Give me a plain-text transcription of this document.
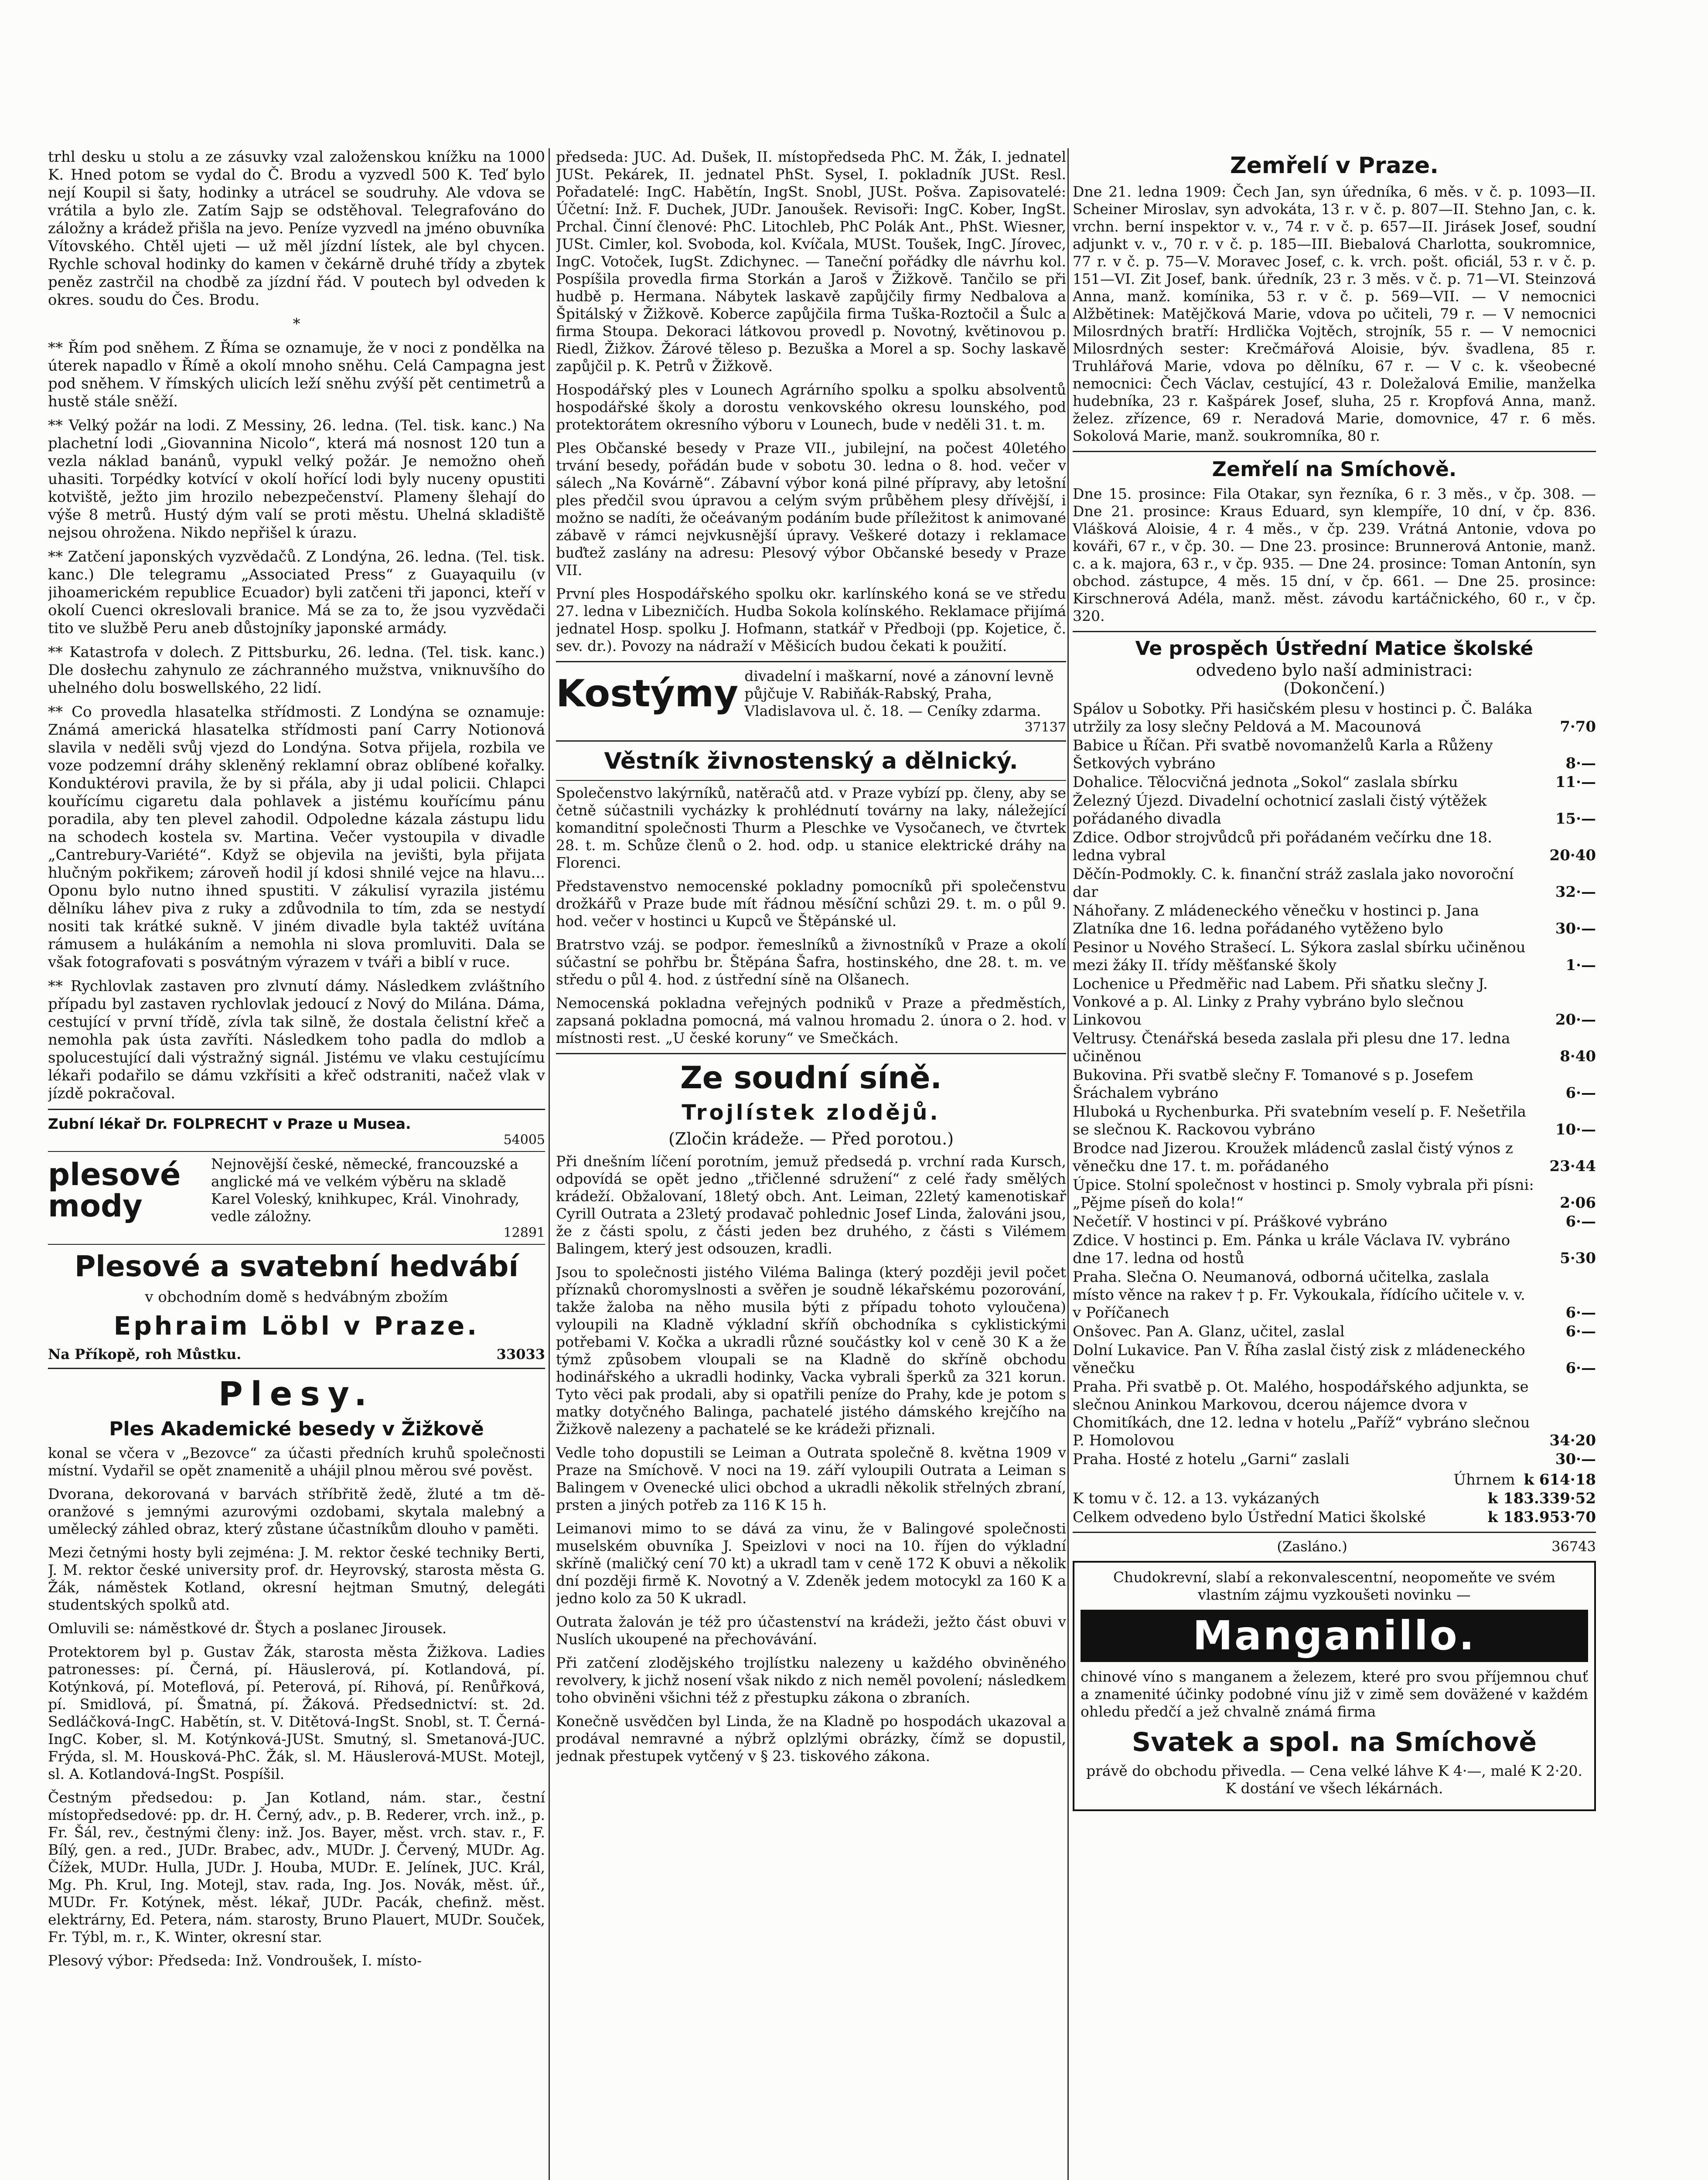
trhl desku u stolu a ze zásuvky vzal založenskou knížku na 1000 K. Hned potom se vydal do Č. Brodu a vyzvedl 500 K. Teď bylo nejí Koupil si šaty, hodinky a utrácel se soudruhy. Ale vdova se vrátila a bylo zle. Zatím Sajp se odstěhoval. Telegrafováno do záložny a krádež přišla na jevo. Peníze vyzvedl na jméno obuvníka Vítovského. Chtěl ujeti — už měl jízdní lístek, ale byl chycen. Rychle schoval hodinky do kamen v čekárně druhé třídy a zbytek peněz zastrčil na chodbě za jízdní řád. V poutech byl odveden k okres. soudu do Čes. Brodu.

*

** Řím pod sněhem. Z Říma se oznamuje, že v noci z pondělka na úterek napadlo v Římě a okolí mnoho sněhu. Celá Campagna jest pod sněhem. V římských ulicích leží sněhu zvýší pět centimetrů a hustě stále sněží.

** Velký požár na lodi. Z Messiny, 26. ledna. (Tel. tisk. kanc.) Na plachetní lodi „Giovannina Nicolo“, která má nosnost 120 tun a vezla náklad banánů, vypukl velký požár. Je nemožno oheň uhasiti. Torpédky kotvící v okolí hořící lodi byly nuceny opustiti kotviště, ježto jim hrozilo nebezpečenství. Plameny šlehají do výše 8 metrů. Hustý dým valí se proti městu. Uhelná skladiště nejsou ohrožena. Nikdo nepřišel k úrazu.

** Zatčení japonských vyzvědačů. Z Londýna, 26. ledna. (Tel. tisk. kanc.) Dle telegramu „Associated Press“ z Guayaquilu (v jihoamerickém republice Ecuador) byli zatčeni tři japonci, kteří v okolí Cuenci okreslovali branice. Má se za to, že jsou vyzvědači tito ve službě Peru aneb důstojníky japonské armády.

** Katastrofa v dolech. Z Pittsburku, 26. ledna. (Tel. tisk. kanc.) Dle dosłechu zahynulo ze záchranného mužstva, vniknuvšího do uhelného dolu boswellského, 22 lidí.

** Co provedla hlasatelka střídmosti. Z Londýna se oznamuje: Známá americká hlasatelka střídmosti paní Carry Notionová slavila v neděli svůj vjezd do Londýna. Sotva přijela, rozbila ve voze podzemní dráhy skleněný reklamní obraz oblíbené kořalky. Konduktérovi pravila, že by si přála, aby ji udal policii. Chlapci kouřícímu cigaretu dala pohlavek a jistému kouřícímu pánu poradila, aby ten plevel zahodil. Odpoledne kázala zástupu lidu na schodech kostela sv. Martina. Večer vystoupila v divadle „Cantrebury-Variété“. Když se objevila na jevišti, byla přijata hlučným pokřikem; zároveň hodil jí kdosi shnilé vejce na hlavu... Oponu bylo nutno ihned spustiti. V zákulisí vyrazila jistému dělníku láhev piva z ruky a zdůvodnila to tím, zda se nestydí nositi tak krátké sukně. V jiném divadle byla taktéž uvítána rámusem a hulákáním a nemohla ni slova promluviti. Dala se však fotografovati s posvátným výrazem v tváři a biblí v ruce.

** Rychlovlak zastaven pro zlvnutí dámy. Následkem zvláštního případu byl zastaven rychlovlak jedoucí z Nový do Milána. Dáma, cestující v první třídě, zívla tak silně, že dostala čelistní křeč a nemohla pak ústa zavříti. Následkem toho padla do mdlob a spolucestující dali výstražný signál. Jistému ve vlaku cestujícímu lékaři podařilo se dámu vzkřísiti a křeč odstraniti, načež vlak v jízdě pokračoval.

Zubní lékař Dr. FOLPRECHT v Praze u Musea.
54005
plesové mody
Nejnovější české, německé, francouzské a anglické má ve velkém výběru na skladě Karel Voleský, knihkupec, Král. Vinohrady, vedle záložny.
12891
Plesové a svatební hedvábí
v obchodním domě s hedvábným zbožím
Ephraim Löbl v Praze.
Na Příkopě, roh Můstku.	33033
Plesy.
Ples Akademické besedy v Žižkově

konal se včera v „Bezovce“ za účasti předních kruhů společnosti místní. Vydařil se opět znamenitě a uhájil plnou měrou své pověst.

Dvorana, dekorovaná v barvách stříbřitě žedě, žluté a tm dě-oranžové s jemnými azurovými ozdobami, skytala malebný a umělecký záhled obraz, který zůstane účastníkům dlouho v paměti.

Mezi četnými hosty byli zejména: J. M. rektor české techniky Berti, J. M. rektor české university prof. dr. Heyrovský, starosta města G. Žák, náměstek Kotland, okresní hejtman Smutný, delegáti studentských spolků atd.

Omluvili se: náměstkové dr. Štych a poslanec Jirousek.

Protektorem byl p. Gustav Žák, starosta města Žižkova. Ladies patronesses: pí. Černá, pí. Häuslerová, pí. Kotlandová, pí. Kotýnková, pí. Moteflová, pí. Peterová, pí. Rihová, pí. Renůřková, pí. Smidlová, pí. Šmatná, pí. Žáková. Předsednictví: st. 2d. Sedláčková-IngC. Habětín, st. V. Ditětová-IngSt. Snobl, st. T. Černá-IngC. Kober, sl. M. Kotýnková-JUSt. Smutný, sl. Smetanová-JUC. Frýda, sl. M. Housková-PhC. Žák, sl. M. Häuslerová-MUSt. Motejl, sl. A. Kotlandová-IngSt. Pospíšil.

Čestným předsedou: p. Jan Kotland, nám. star., čestní místopředsedové: pp. dr. H. Černý, adv., p. B. Rederer, vrch. inž., p. Fr. Šál, rev., čestnými členy: inž. Jos. Bayer, měst. vrch. stav. r., F. Bílý, gen. a red., JUDr. Brabec, adv., MUDr. J. Červený, MUDr. Ag. Čížek, MUDr. Hulla, JUDr. J. Houba, MUDr. E. Jelínek, JUC. Král, Mg. Ph. Krul, Ing. Motejl, stav. rada, Ing. Jos. Novák, měst. úř., MUDr. Fr. Kotýnek, měst. lékař, JUDr. Pacák, chefinž. měst. elektrárny, Ed. Petera, nám. starosty, Bruno Plauert, MUDr. Souček, Fr. Týbl, m. r., K. Winter, okresní star.

Plesový výbor: Předseda: Inž. Vondroušek, I. místo-

předseda: JUC. Ad. Dušek, II. místopředseda PhC. M. Žák, I. jednatel JUSt. Pekárek, II. jednatel PhSt. Sysel, I. pokladník JUSt. Resl. Pořadatelé: IngC. Habětín, IngSt. Snobl, JUSt. Pošva. Zapisovatelé: Účetní: Inž. F. Duchek, JUDr. Janoušek. Revisoři: IngC. Kober, IngSt. Prchal. Činní členové: PhC. Litochleb, PhC Polák Ant., PhSt. Wiesner, JUSt. Cimler, kol. Svoboda, kol. Kvíčala, MUSt. Toušek, IngC. Jírovec, IngC. Votoček, IugSt. Zdichynec. — Taneční pořádky dle návrhu kol. Pospíšila provedla firma Storkán a Jaroš v Žižkově. Tančilo se při hudbě p. Hermana. Nábytek laskavě zapůjčily firmy Nedbalova a Špitálský v Žižkově. Koberce zapůjčila firma Tuška-Roztočil a Šulc a firma Stoupa. Dekoraci látkovou provedl p. Novotný, květinovou p. Riedl, Žižkov. Žárové těleso p. Bezuška a Morel a sp. Sochy laskavě zapůjčil p. K. Petrů v Žižkově.

Hospodářský ples v Lounech Agrárního spolku a spolku absolventů hospodářské školy a dorostu venkovského okresu lounského, pod protektorátem okresního výboru v Lounech, bude v neděli 31. t. m.

Ples Občanské besedy v Praze VII., jubilejní, na počest 40letého trvání besedy, pořádán bude v sobotu 30. ledna o 8. hod. večer v sálech „Na Kovárně“. Zábavní výbor koná pilné přípravy, aby letošní ples předčil svou úpravou a celým svým průběhem plesy dřívější, i možno se nadíti, že očeávaným podáním bude příležitost k animované zábavě v rámci nejvkusnější úpravy. Veškeré dotazy i reklamace buďtež zaslány na adresu: Plesový výbor Občanské besedy v Praze VII.

První ples Hospodářského spolku okr. karlínského koná se ve středu 27. ledna v Libezničích. Hudba Sokola kolínského. Reklamace přijímá jednatel Hosp. spolku J. Hofmann, statkář v Předboji (pp. Kojetice, č. sev. dr.). Povozy na nádraží v Měšicích budou čekati k použití.

Kostýmy divadelní i maškarní, nové a zánovní levně půjčuje V. Rabiňák-Rabský, Praha, Vladislavova ul. č. 18. — Ceníky zdarma.
37137
Věstník živnostenský a dělnický.

Společenstvo lakýrníků, natěračů atd. v Praze vybízí pp. členy, aby se četně súčastnili vycházky k prohlédnutí továrny na laky, náležející komanditní společnosti Thurm a Pleschke ve Vysočanech, ve čtvrtek 28. t. m. Schůze členů o 2. hod. odp. u stanice elektrické dráhy na Florenci.

Představenstvo nemocenské pokladny pomocníků při společenstvu drožkářů v Praze bude mít řádnou měsíční schůzi 29. t. m. o půl 9. hod. večer v hostinci u Kupců ve Štěpánské ul.

Bratrstvo vzáj. se podpor. řemeslníků a živnostníků v Praze a okolí súčastní se pohřbu br. Štěpána Šafra, hostinského, dne 28. t. m. ve středu o půl 4. hod. z ústřední síně na Olšanech.

Nemocenská pokladna veřejných podniků v Praze a předměstích, zapsaná pokladna pomocná, má valnou hromadu 2. února o 2. hod. v místnosti rest. „U české koruny“ ve Smečkách.

Ze soudní síně.
Trojlístek zlodějů.
(Zločin krádeže. — Před porotou.)

Při dnešním líčení porotním, jemuž předsedá p. vrchní rada Kursch, odpovídá se opět jedno „třičlenné sdružení“ z celé řady smělých krádeží. Obžalovaní, 18letý obch. Ant. Leiman, 22letý kamenotiskař Cyrill Outrata a 23letý prodavač pohlednic Josef Linda, žalováni jsou, že z části spolu, z části jeden bez druhého, z části s Vilémem Balingem, který jest odsouzen, kradli.

Jsou to společnosti jistého Viléma Balinga (který později jevil počet příznaků choromyslnosti a svěřen je soudně lékařskému pozorování, takže žaloba na něho musila býti z případu tohoto vyloučena) vyloupili na Kladně výkladní skříň obchodníka s cyklistickými potřebami V. Kočka a ukradli různé součástky kol v ceně 30 K a že týmž způsobem vloupali se na Kladně do skříně obchodu hodinářského a ukradli hodinky, Vacka vybrali šperků za 321 korun. Tyto věci pak prodali, aby si opatřili peníze do Prahy, kde je potom s matky dotyčného Balinga, pachatelé jistého dámského krejčího na Žižkově nalezeny a pachatelé se ke krádeži přiznali.

Vedle toho dopustili se Leiman a Outrata společně 8. května 1909 v Praze na Smíchově. V noci na 19. září vyloupili Outrata a Leiman s Balingem v Ovenecké ulici obchod a ukradli několik střelných zbraní, prsten a jiných potřeb za 116 K 15 h.

Leimanovi mimo to se dává za vinu, že v Balingové společnosti muselském obuvníka J. Speizlovi v noci na 10. říjen do výkladní skříně (maličký cení 70 kt) a ukradl tam v ceně 172 K obuvi a několik dní později firmě K. Novotný a V. Zdeněk jedem motocykl za 160 K a jedno kolo za 50 K ukradl.

Outrata žalován je též pro účastenství na krádeži, ježto část obuvi v Nuslích ukoupené na přechovávání.

Při zatčení zlodějského trojlístku nalezeny u každého obviněného revolvery, k jichž nosení však nikdo z nich neměl povolení; následkem toho obviněni všichni též z přestupku zákona o zbraních.

Konečně usvědčen byl Linda, že na Kladně po hospodách ukazoval a prodával nemravné a nýbrž oplzlými obrázky, čímž se dopustil, jednak přestupek vytčený v § 23. tiskového zákona.

Zemřelí v Praze.

Dne 21. ledna 1909: Čech Jan, syn úředníka, 6 měs. v č. p. 1093—II. Scheiner Miroslav, syn advokáta, 13 r. v č. p. 807—II. Stehno Jan, c. k. vrchn. berní inspektor v. v., 74 r. v č. p. 657—II. Jirásek Josef, soudní adjunkt v. v., 70 r. v č. p. 185—III. Biebalová Charlotta, soukromnice, 77 r. v č. p. 75—V. Moravec Josef, c. k. vrch. pošt. oficiál, 53 r. v č. p. 151—VI. Zit Josef, bank. úředník, 23 r. 3 měs. v č. p. 71—VI. Steinzová Anna, manž. komínika, 53 r. v č. p. 569—VII. — V nemocnici Alžbětinek: Matějčková Marie, vdova po učiteli, 79 r. — V nemocnici Milosrdných bratří: Hrdlička Vojtěch, strojník, 55 r. — V nemocnici Milosrdných sester: Krečmářová Aloisie, býv. švadlena, 85 r. Truhlářová Marie, vdova po dělníku, 67 r. — V c. k. všeobecné nemocnici: Čech Václav, cestující, 43 r. Doležalová Emilie, manželka hudebníka, 23 r. Kašpárek Josef, sluha, 25 r. Kropfová Anna, manž. želez. zřízence, 69 r. Neradová Marie, domovnice, 47 r. 6 měs. Sokolová Marie, manž. soukromníka, 80 r.

Zemřelí na Smíchově.

Dne 15. prosince: Fila Otakar, syn řezníka, 6 r. 3 měs., v čp. 308. — Dne 21. prosince: Kraus Eduard, syn klempíře, 10 dní, v čp. 836. Vlášková Aloisie, 4 r. 4 měs., v čp. 239. Vrátná Antonie, vdova po kováři, 67 r., v čp. 30. — Dne 23. prosince: Brunnerová Antonie, manž. c. a k. majora, 63 r., v čp. 935. — Dne 24. prosince: Toman Antonín, syn obchod. zástupce, 4 měs. 15 dní, v čp. 661. — Dne 25. prosince: Kirschnerová Adéla, manž. měst. závodu kartáčnického, 60 r., v čp. 320.

Ve prospěch Ústřední Matice školské
odvedeno bylo naší administraci:
(Dokončení.)
Spálov u Sobotky. Při hasičském plesu v hostinci p. Č. Baláka utržily za losy slečny Peldová a M. Macounová	7·70
Babice u Říčan. Při svatbě novomanželů Karla a Růženy Šetkových vybráno	8·—
Dohalice. Tělocvičná jednota „Sokol“ zaslala sbírku	11·—
Železný Újezd. Divadelní ochotnicí zaslali čistý výtěžek pořádaného divadla	15·—
Zdice. Odbor strojvůdců při pořádaném večírku dne 18. ledna vybral	20·40
Děčín-Podmokly. C. k. finanční stráž zaslala jako novoroční dar	32·—
Náhořany. Z mládeneckého věnečku v hostinci p. Jana Zlatníka dne 16. ledna pořádaného vytěženo bylo	30·—
Pesinor u Nového Strašecí. L. Sýkora zaslal sbírku učiněnou mezi žáky II. třídy měšťanské školy	1·—
Lochenice u Předměřic nad Labem. Při sňatku slečny J. Vonkové a p. Al. Linky z Prahy vybráno bylo slečnou Linkovou	20·—
Veltrusy. Čtenářská beseda zaslala při plesu dne 17. ledna učiněnou	8·40
Bukovina. Při svatbě slečny F. Tomanové s p. Josefem Šráchalem vybráno	6·—
Hluboká u Rychenburka. Při svatebním veselí p. F. Nešetřila se slečnou K. Rackovou vybráno	10·—
Brodce nad Jizerou. Kroužek mládenců zaslal čistý výnos z věnečku dne 17. t. m. pořádaného	23·44
Úpice. Stolní společnost v hostinci p. Smoly vybrala při písni: „Pějme píseň do kola!“	2·06
Nečetíř. V hostinci v pí. Práškové vybráno	6·—
Zdice. V hostinci p. Em. Pánka u krále Václava IV. vybráno dne 17. ledna od hostů	5·30
Praha. Slečna O. Neumanová, odborná učitelka, zaslala místo věnce na rakev † p. Fr. Vykoukala, řídícího učitele v. v. v Poříčanech	6·—
Onšovec. Pan A. Glanz, učitel, zaslal	6·—
Dolní Lukavice. Pan V. Říha zaslal čistý zisk z mládeneckého věnečku	6·—
Praha. Při svatbě p. Ot. Malého, hospodářského adjunkta, se slečnou Aninkou Markovou, dcerou nájemce dvora v Chomitíkách, dne 12. ledna v hotelu „Paříž“ vybráno slečnou P. Homolovou	34·20
Praha. Hosté z hotelu „Garni“ zaslali	30·—
Úhrnem k 614·18
K tomu v č. 12. a 13. vykázaných	k 183.339·52
Celkem odvedeno bylo Ústřední Matici školské	k 183.953·70
(Zasláno.)	36743

Chudokrevní, slabí a rekonvalescentní, neopomeňte ve svém vlastním zájmu vyzkoušeti novinku —

Manganillo.

chinové víno s manganem a železem, které pro svou příjemnou chuť a znamenité účinky podobné vínu již v zimě sem doväžené v každém ohledu předčí a jež chvalně známá firma

Svatek a spol. na Smíchově

právě do obchodu přivedla. — Cena velké láhve K 4·—, malé K 2·20. K dostání ve všech lékárnách.
